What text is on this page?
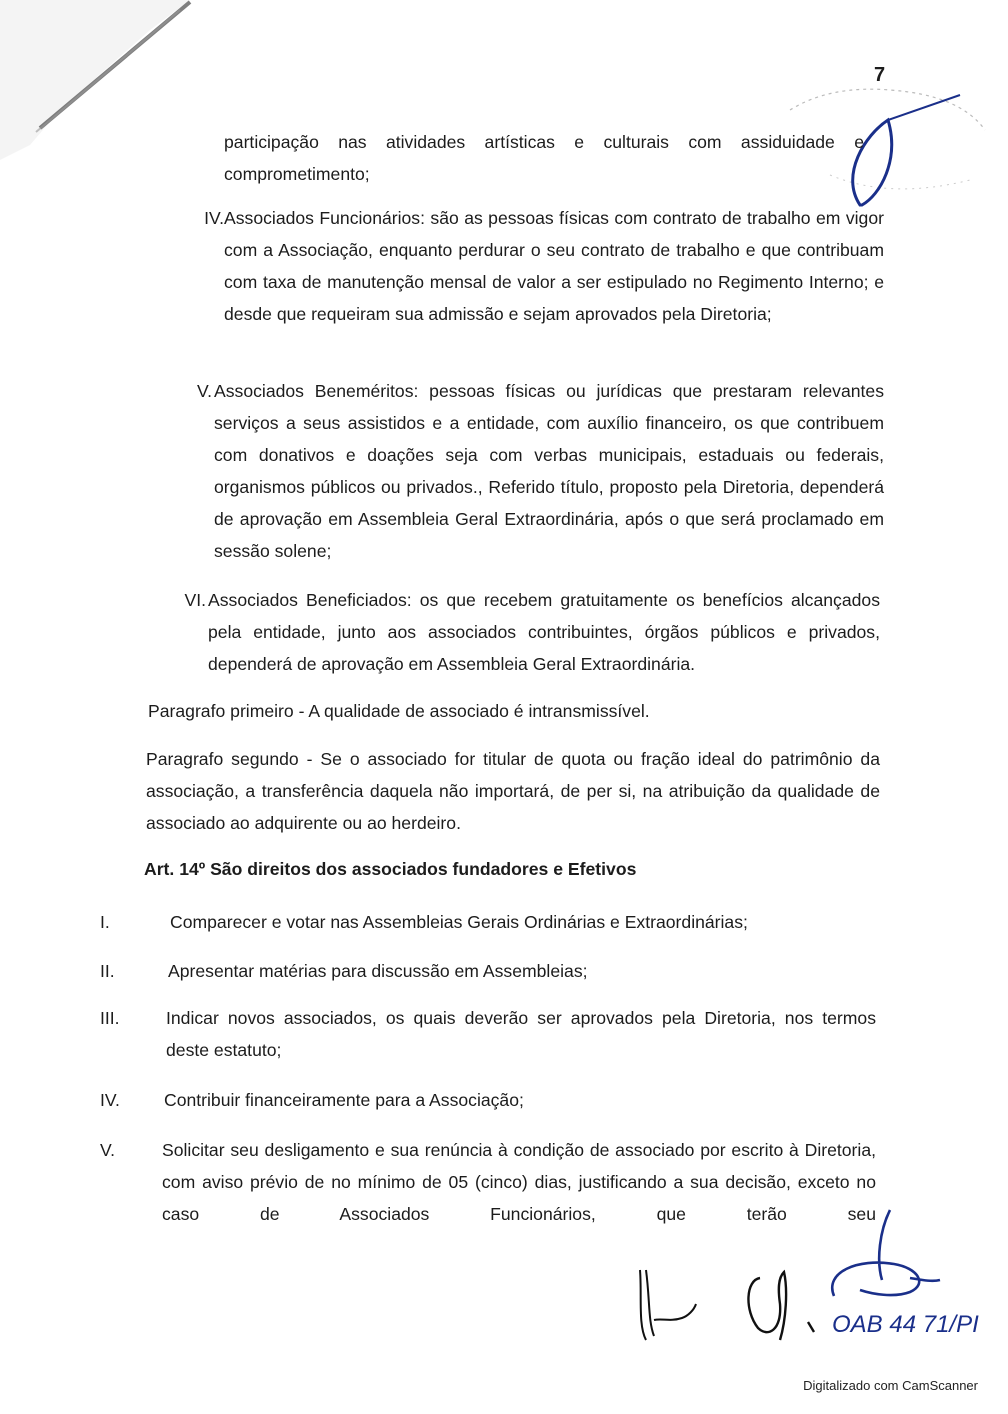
7

participação nas atividades artísticas e culturais com assiduidade e

comprometimento;

IV. Associados Funcionários: são as pessoas físicas com contrato de trabalho em vigor com a Associação, enquanto perdurar o seu contrato de trabalho e que contribuam com taxa de manutenção mensal de valor a ser estipulado no Regimento Interno; e desde que requeiram sua admissão e sejam aprovados pela Diretoria;
V. Associados Beneméritos: pessoas físicas ou jurídicas que prestaram relevantes serviços a seus assistidos e a entidade, com auxílio financeiro, os que contribuem com donativos e doações seja com verbas municipais, estaduais ou federais, organismos públicos ou privados., Referido título, proposto pela Diretoria, dependerá de aprovação em Assembleia Geral Extraordinária, após o que será proclamado em sessão solene;
VI. Associados Beneficiados: os que recebem gratuitamente os benefícios alcançados pela entidade, junto aos associados contribuintes, órgãos públicos e privados, dependerá de aprovação em Assembleia Geral Extraordinária.
Paragrafo primeiro - A qualidade de associado é intransmissível.
Paragrafo segundo - Se o associado for titular de quota ou fração ideal do patrimônio da associação, a transferência daquela não importará, de per si, na atribuição da qualidade de associado ao adquirente ou ao herdeiro.
Art. 14º São direitos dos associados fundadores e Efetivos
I.	Comparecer e votar nas Assembleias Gerais Ordinárias e Extraordinárias;
II.	Apresentar matérias para discussão em Assembleias;
III.	Indicar novos associados, os quais deverão ser aprovados pela Diretoria, nos termos deste estatuto;
IV.	Contribuir financeiramente para a Associação;
V.	Solicitar seu desligamento e sua renúncia à condição de associado por escrito à Diretoria, com aviso prévio de no mínimo de 05 (cinco) dias, justificando a sua decisão, exceto no caso de Associados Funcionários, que terão seu
OAB 44 71/PI
Digitalizado com CamScanner
